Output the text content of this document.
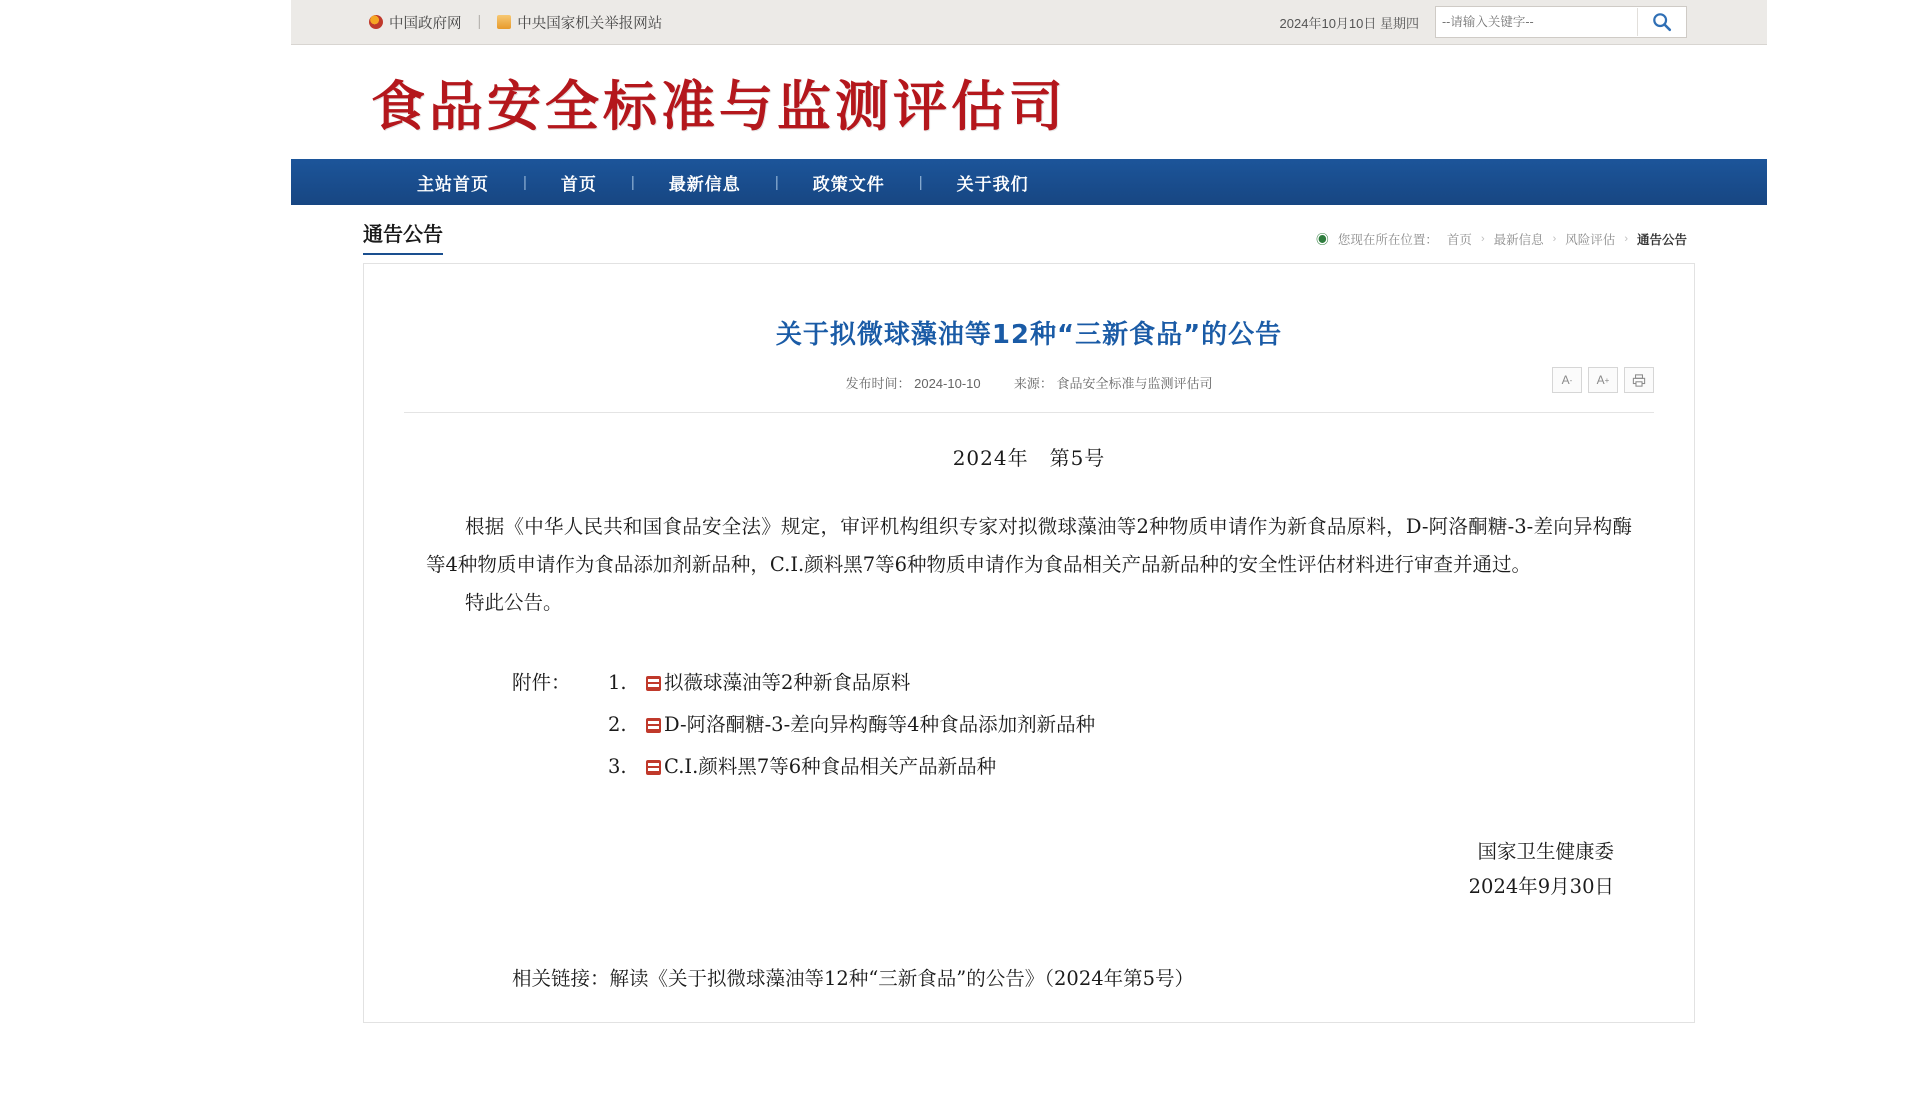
中国政府网	|	中央国家机关举报网站	2024年10月10日 星期四
--请输入关键字--
食品安全标准与监测评估司
主站首页	|	首页	|	最新信息	|	政策文件	|	关于我们
通告公告	◉ 您现在所在位置： 首页 › 最新信息 › 风险评估 › 通告公告
关于拟微球藻油等12种“三新食品”的公告
发布时间： 2024-10-10	来源： 食品安全标准与监测评估司	A - A +
2024年　第5号
根据《中华人民共和国食品安全法》规定，审评机构组织专家对拟微球藻油等2种物质申请作为新食品原料，D-阿洛酮糖-3-差向异构酶等4种物质申请作为食品添加剂新品种，C.I.颜料黑7等6种物质申请作为食品相关产品新品种的安全性评估材料进行审查并通过。
特此公告。
附件：	1.	拟薇球藻油等2种新食品原料
2.	D-阿洛酮糖-3-差向异构酶等4种食品添加剂新品种
3.	C.I.颜料黑7等6种食品相关产品新品种
国家卫生健康委
2024年9月30日
相关链接：解读《关于拟微球藻油等12种“三新食品”的公告》（2024年第5号）
